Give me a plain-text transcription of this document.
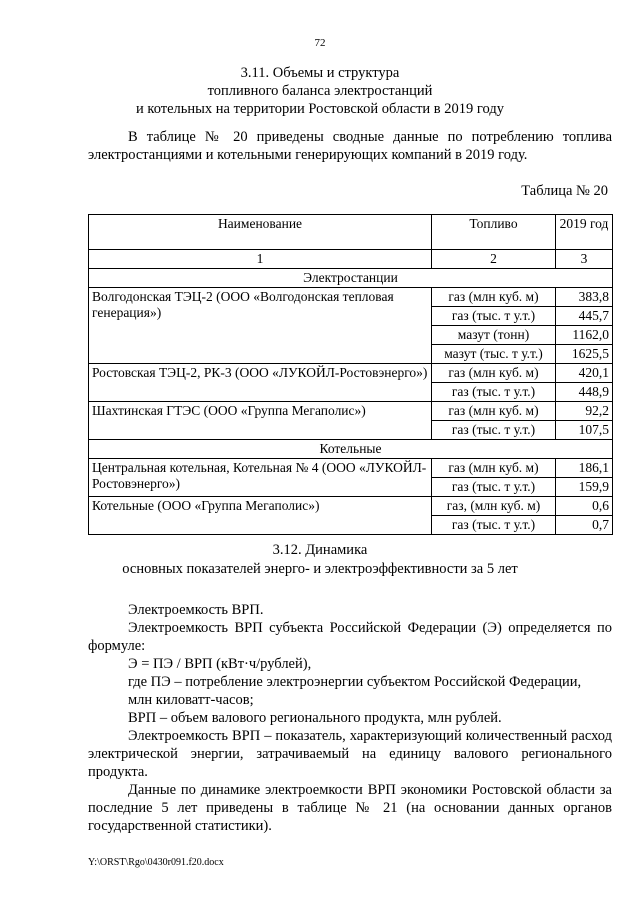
72
3.11. Объемы и структура
топливного баланса электростанций
и котельных на территории Ростовской области в 2019 году
В таблице № 20 приведены сводные данные по потреблению топлива электростанциями и котельными генерирующих компаний в 2019 году.
Таблица № 20
Наименование	Топливо	2019 год
1	2	3
Электростанции		
Волгодонская ТЭЦ-2 (ООО «Волгодонская тепловая генерация»)	газ (млн куб. м)	383,8
	газ (тыс. т у.т.)	445,7
	мазут (тонн)	1162,0
	мазут (тыс. т у.т.)	1625,5
Ростовская ТЭЦ-2, РК-3 (ООО «ЛУКОЙЛ-Ростовэнерго»)	газ (млн куб. м)	420,1
	газ (тыс. т у.т.)	448,9
Шахтинская ГТЭС (ООО «Группа Мегаполис»)	газ (млн куб. м)	92,2
	газ (тыс. т у.т.)	107,5
Котельные		
Центральная котельная, Котельная № 4 (ООО «ЛУКОЙЛ-Ростовэнерго»)	газ (млн куб. м)	186,1
	газ (тыс. т у.т.)	159,9
Котельные (ООО «Группа Мегаполис»)	газ, (млн куб. м)	0,6
	газ (тыс. т у.т.)	0,7
3.12. Динамика
основных показателей энерго- и электроэффективности за 5 лет
Электроемкость ВРП.
Электроемкость ВРП субъекта Российской Федерации (Э) определяется по формуле:
Э = ПЭ / ВРП (кВт·ч/рублей),
где ПЭ – потребление электроэнергии субъектом Российской Федерации,
млн киловатт-часов;
ВРП – объем валового регионального продукта, млн рублей.
Электроемкость ВРП – показатель, характеризующий количественный расход электрической энергии, затрачиваемый на единицу валового регионального продукта.
Данные по динамике электроемкости ВРП экономики Ростовской области за последние 5 лет приведены в таблице № 21 (на основании данных органов государственной статистики).
Y:\ORST\Rgo\0430r091.f20.docx
